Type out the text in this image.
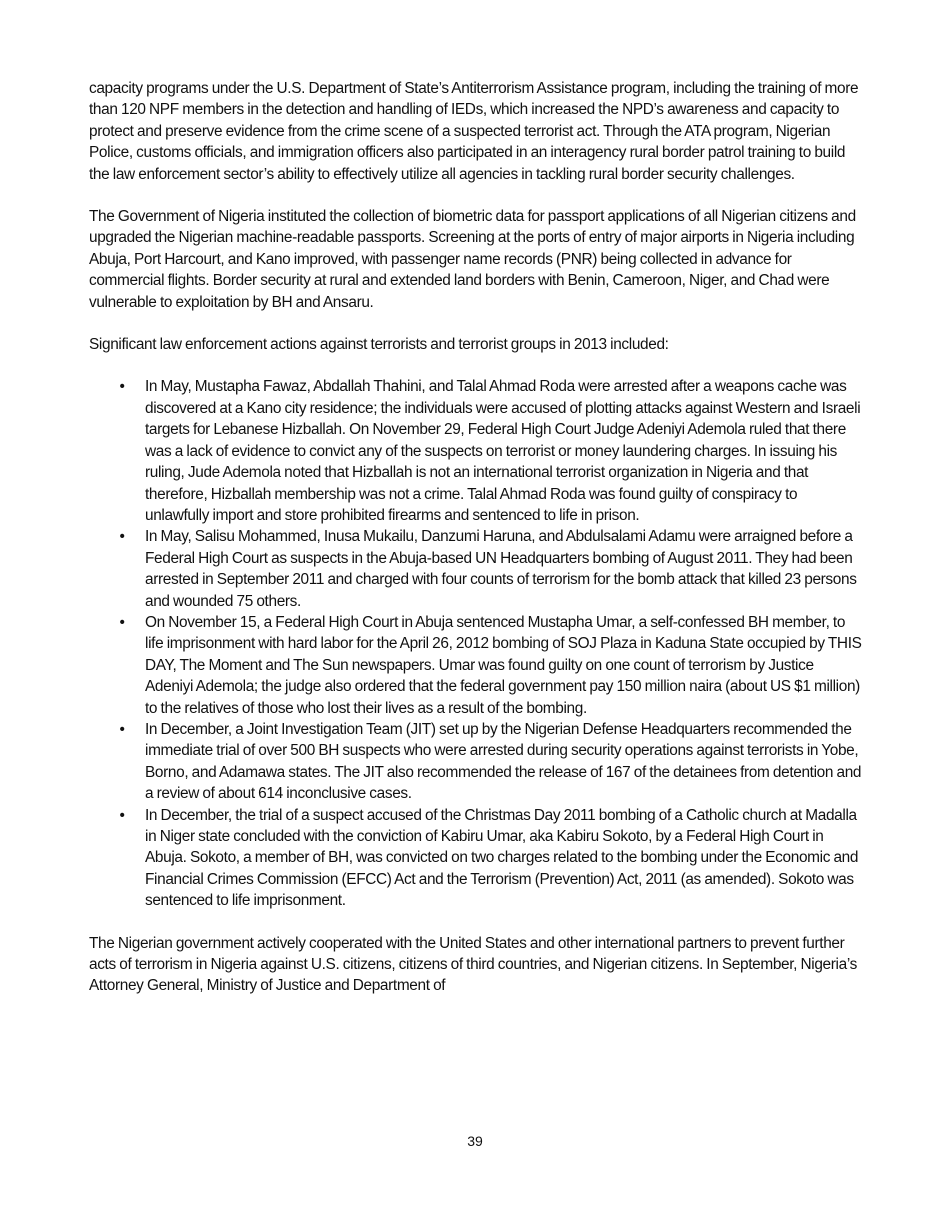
capacity programs under the U.S. Department of State’s Antiterrorism Assistance program, including the training of more than 120 NPF members in the detection and handling of IEDs, which increased the NPD’s awareness and capacity to protect and preserve evidence from the crime scene of a suspected terrorist act. Through the ATA program, Nigerian Police, customs officials, and immigration officers also participated in an interagency rural border patrol training to build the law enforcement sector’s ability to effectively utilize all agencies in tackling rural border security challenges.

The Government of Nigeria instituted the collection of biometric data for passport applications of all Nigerian citizens and upgraded the Nigerian machine-readable passports. Screening at the ports of entry of major airports in Nigeria including Abuja, Port Harcourt, and Kano improved, with passenger name records (PNR) being collected in advance for commercial flights. Border security at rural and extended land borders with Benin, Cameroon, Niger, and Chad were vulnerable to exploitation by BH and Ansaru.

Significant law enforcement actions against terrorists and terrorist groups in 2013 included:

• In May, Mustapha Fawaz, Abdallah Thahini, and Talal Ahmad Roda were arrested after a weapons cache was discovered at a Kano city residence; the individuals were accused of plotting attacks against Western and Israeli targets for Lebanese Hizballah. On November 29, Federal High Court Judge Adeniyi Ademola ruled that there was a lack of evidence to convict any of the suspects on terrorist or money laundering charges. In issuing his ruling, Jude Ademola noted that Hizballah is not an international terrorist organization in Nigeria and that therefore, Hizballah membership was not a crime. Talal Ahmad Roda was found guilty of conspiracy to unlawfully import and store prohibited firearms and sentenced to life in prison.
• In May, Salisu Mohammed, Inusa Mukailu, Danzumi Haruna, and Abdulsalami Adamu were arraigned before a Federal High Court as suspects in the Abuja-based UN Headquarters bombing of August 2011. They had been arrested in September 2011 and charged with four counts of terrorism for the bomb attack that killed 23 persons and wounded 75 others.
• On November 15, a Federal High Court in Abuja sentenced Mustapha Umar, a self-confessed BH member, to life imprisonment with hard labor for the April 26, 2012 bombing of SOJ Plaza in Kaduna State occupied by THIS DAY, The Moment and The Sun newspapers. Umar was found guilty on one count of terrorism by Justice Adeniyi Ademola; the judge also ordered that the federal government pay 150 million naira (about US $1 million) to the relatives of those who lost their lives as a result of the bombing.
• In December, a Joint Investigation Team (JIT) set up by the Nigerian Defense Headquarters recommended the immediate trial of over 500 BH suspects who were arrested during security operations against terrorists in Yobe, Borno, and Adamawa states. The JIT also recommended the release of 167 of the detainees from detention and a review of about 614 inconclusive cases.
• In December, the trial of a suspect accused of the Christmas Day 2011 bombing of a Catholic church at Madalla in Niger state concluded with the conviction of Kabiru Umar, aka Kabiru Sokoto, by a Federal High Court in Abuja. Sokoto, a member of BH, was convicted on two charges related to the bombing under the Economic and Financial Crimes Commission (EFCC) Act and the Terrorism (Prevention) Act, 2011 (as amended). Sokoto was sentenced to life imprisonment.

The Nigerian government actively cooperated with the United States and other international partners to prevent further acts of terrorism in Nigeria against U.S. citizens, citizens of third countries, and Nigerian citizens. In September, Nigeria’s Attorney General, Ministry of Justice and Department of

39
